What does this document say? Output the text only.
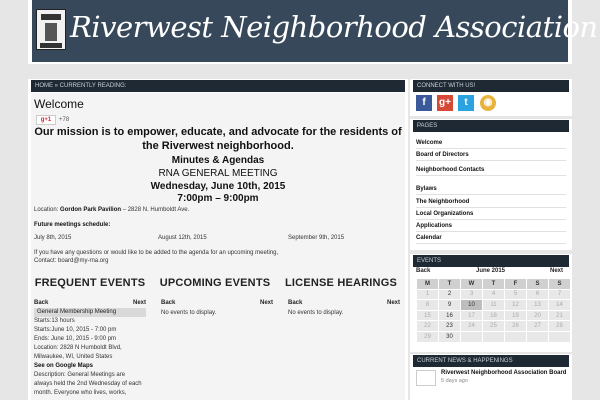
Riverwest Neighborhood Association
HOME » CURRENTLY READING:
Welcome
g+1	+78
Our mission is to empower, educate, and advocate for the residents of the Riverwest neighborhood.
Minutes & Agendas
RNA GENERAL MEETING
Wednesday, June 10th, 2015
7:00pm – 9:00pm
Location: Gordon Park Pavilion – 2828 N. Humboldt Ave.
Future meetings schedule:
July 8th, 2015	August 12th, 2015	September 9th, 2015
If you have any questions or would like to be added to the agenda for an upcoming meeting,
Contact: board@my-rna.org
FREQUENT EVENTS	UPCOMING EVENTS	LICENSE HEARINGS
Back	Next Back	Next Back	Next
General Membership Meeting
Starts:13 hours
Starts:June 10, 2015 - 7:00 pm
Ends: June 10, 2015 - 9:00 pm
Location: 2828 N Humboldt Blvd,
Milwaukee, WI, United States
See on Google Maps
Description: General Meetings are
always held the 2nd Wednesday of each
month. Everyone who lives, works,
No events to display.	No events to display.
CONNECT WITH US!
f	g+	t	◉
PAGES
Welcome
Board of Directors
Neighborhood Contacts
Bylaws
The Neighborhood
Local Organizations
Applications
Calendar
EVENTS
Back	June 2015	Next
M	T	W	T	F	S	S
1	2	3	4	5	6	7
8	9	10	11	12	13	14
15	16	17	18	19	20	21
22	23	24	25	26	27	28
29	30					
CURRENT NEWS & HAPPENINGS
Riverwest Neighborhood Association Board
5 days ago
